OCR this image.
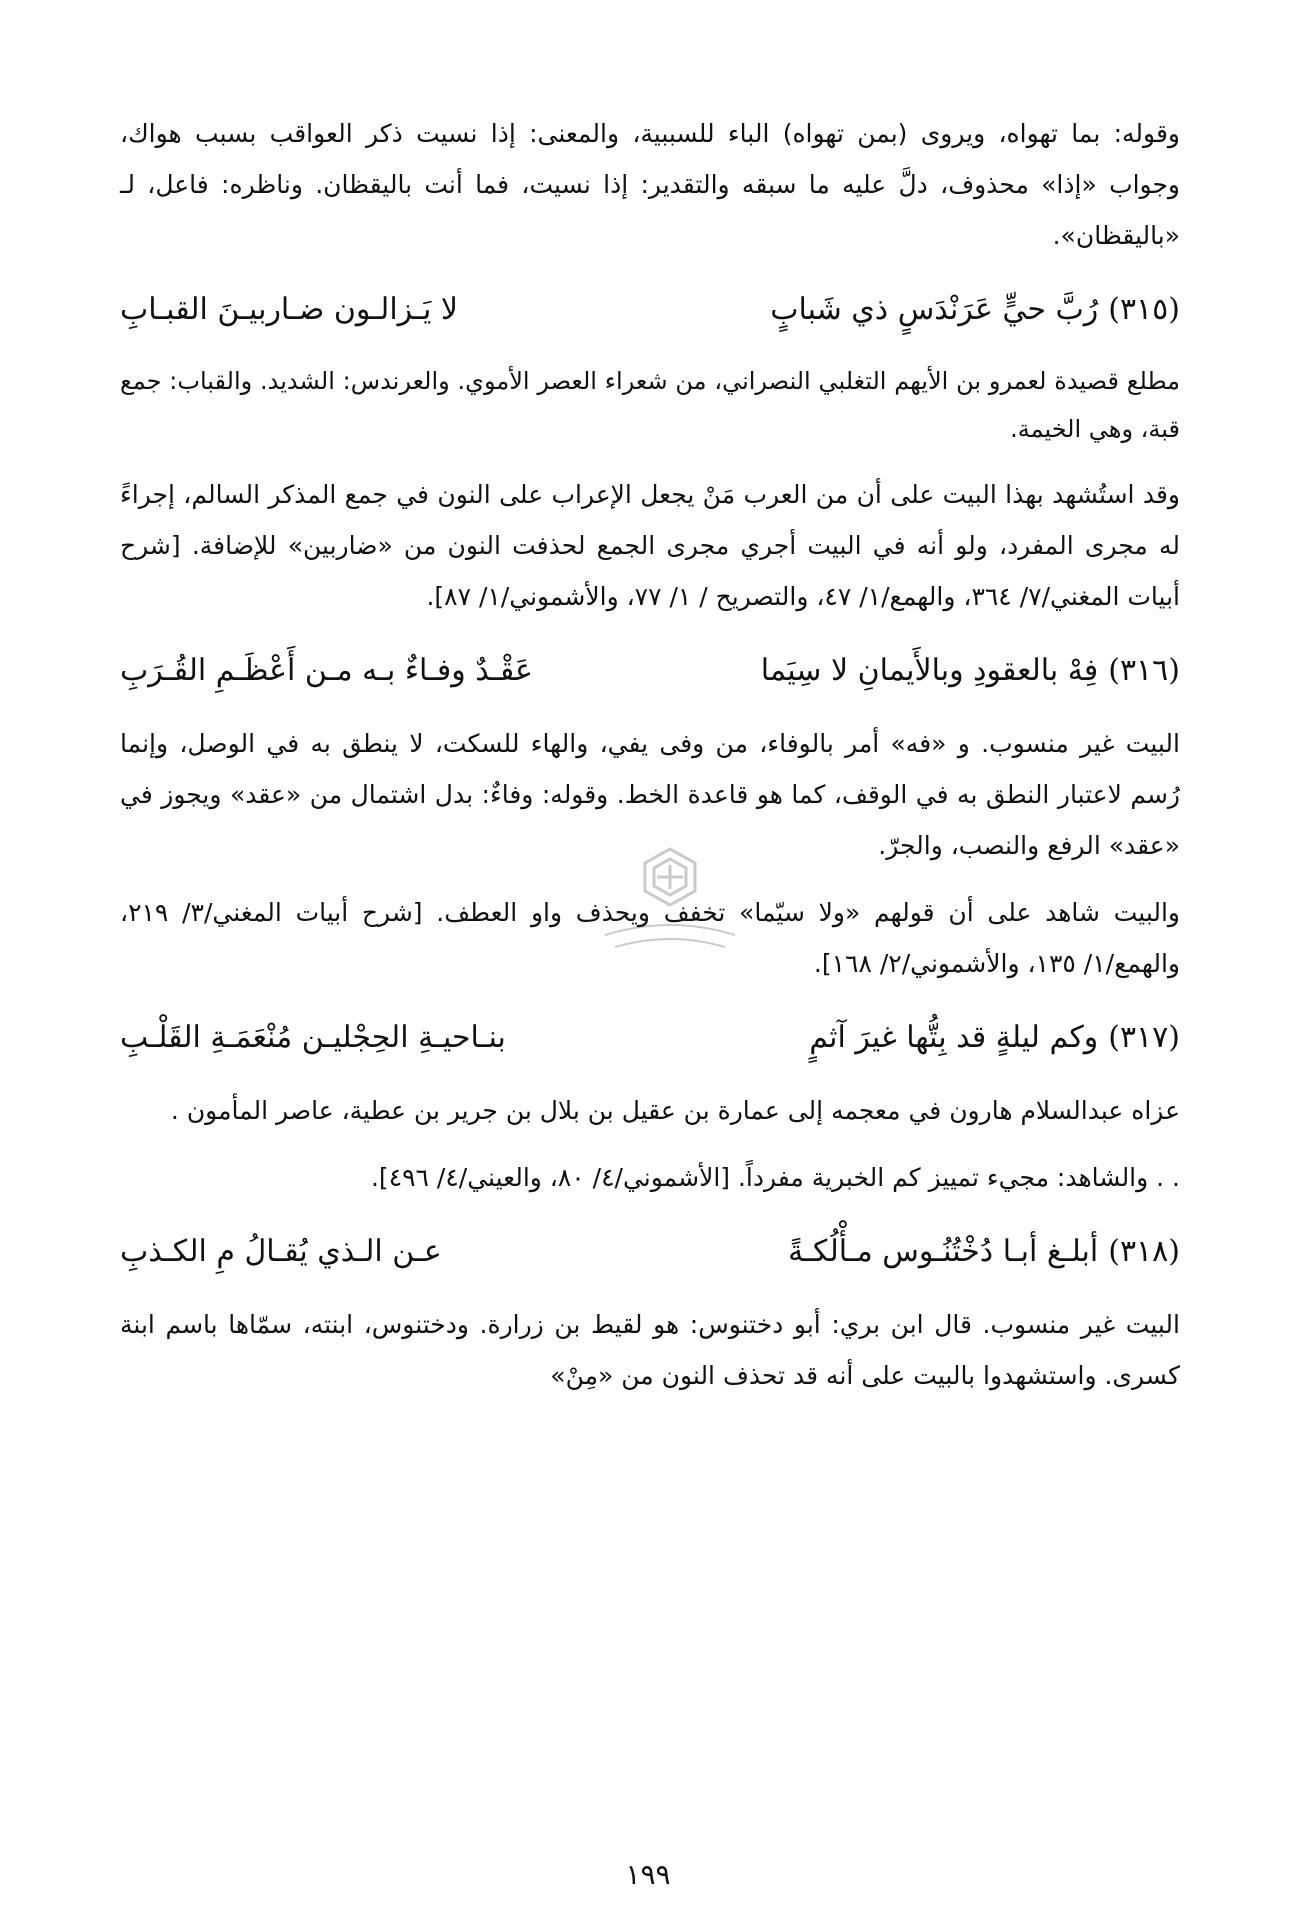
وقوله: بما تهواه، ويروى (بمن تهواه) الباء للسببية، والمعنى: إذا نسيت ذكر العواقب بسبب هواك، وجواب «إذا» محذوف، دلَّ عليه ما سبقه والتقدير: إذا نسيت، فما أنت باليقظان. وناظره: فاعل، لـ «باليقظان».

(٣١٥)
رُبَّ حيٍّ عَرَنْدَسٍ ذي شَبابٍ
لا يَـزالـون ضـاربيـنَ القبـابِ

مطلع قصيدة لعمرو بن الأيهم التغلبي النصراني، من شعراء العصر الأموي. والعرندس: الشديد. والقباب: جمع قبة، وهي الخيمة.

وقد استُشهد بهذا البيت على أن من العرب مَنْ يجعل الإعراب على النون في جمع المذكر السالم، إجراءً له مجرى المفرد، ولو أنه في البيت أجري مجرى الجمع لحذفت النون من «ضاربين» للإضافة. [شرح أبيات المغني/٧/ ٣٦٤، والهمع/١/ ٤٧، والتصريح / ١/ ٧٧، والأشموني/١/ ٨٧].

(٣١٦)
فِهْ بالعقودِ وبالأَيمانِ لا سِيَما
عَقْـدٌ وفـاءٌ بـه مـن أَعْظَـمِ القُـرَبِ

البيت غير منسوب. و «فه» أمر بالوفاء، من وفى يفي، والهاء للسكت، لا ينطق به في الوصل، وإنما رُسم لاعتبار النطق به في الوقف، كما هو قاعدة الخط. وقوله: وفاءٌ: بدل اشتمال من «عقد» ويجوز في «عقد» الرفع والنصب، والجرّ.

والبيت شاهد على أن قولهم «ولا سيّما» تخفف ويحذف واو العطف. [شرح أبيات المغني/٣/ ٢١٩، والهمع/١/ ١٣٥، والأشموني/٢/ ١٦٨].

(٣١٧)
وكم ليلةٍ قد بِتُّها غيرَ آثمٍ
بنـاحيـةِ الحِجْليـن مُنْعَمَـةِ القَلْـبِ

عزاه عبدالسلام هارون في معجمه إلى عمارة بن عقيل بن بلال بن جرير بن عطية، عاصر المأمون .

. . والشاهد: مجيء تمييز كم الخبرية مفرداً. [الأشموني/٤/ ٨٠، والعيني/٤/ ٤٩٦].

(٣١٨)
أبلـغ أبـا دُخْتُنُـوس مـأْلُكـةً
عـن الـذي يُقـالُ مِ الكـذبِ

البيت غير منسوب. قال ابن بري: أبو دختنوس: هو لقيط بن زرارة. ودختنوس، ابنته، سمّاها باسم ابنة كسرى. واستشهدوا بالبيت على أنه قد تحذف النون من «مِنْ»

١٩٩
